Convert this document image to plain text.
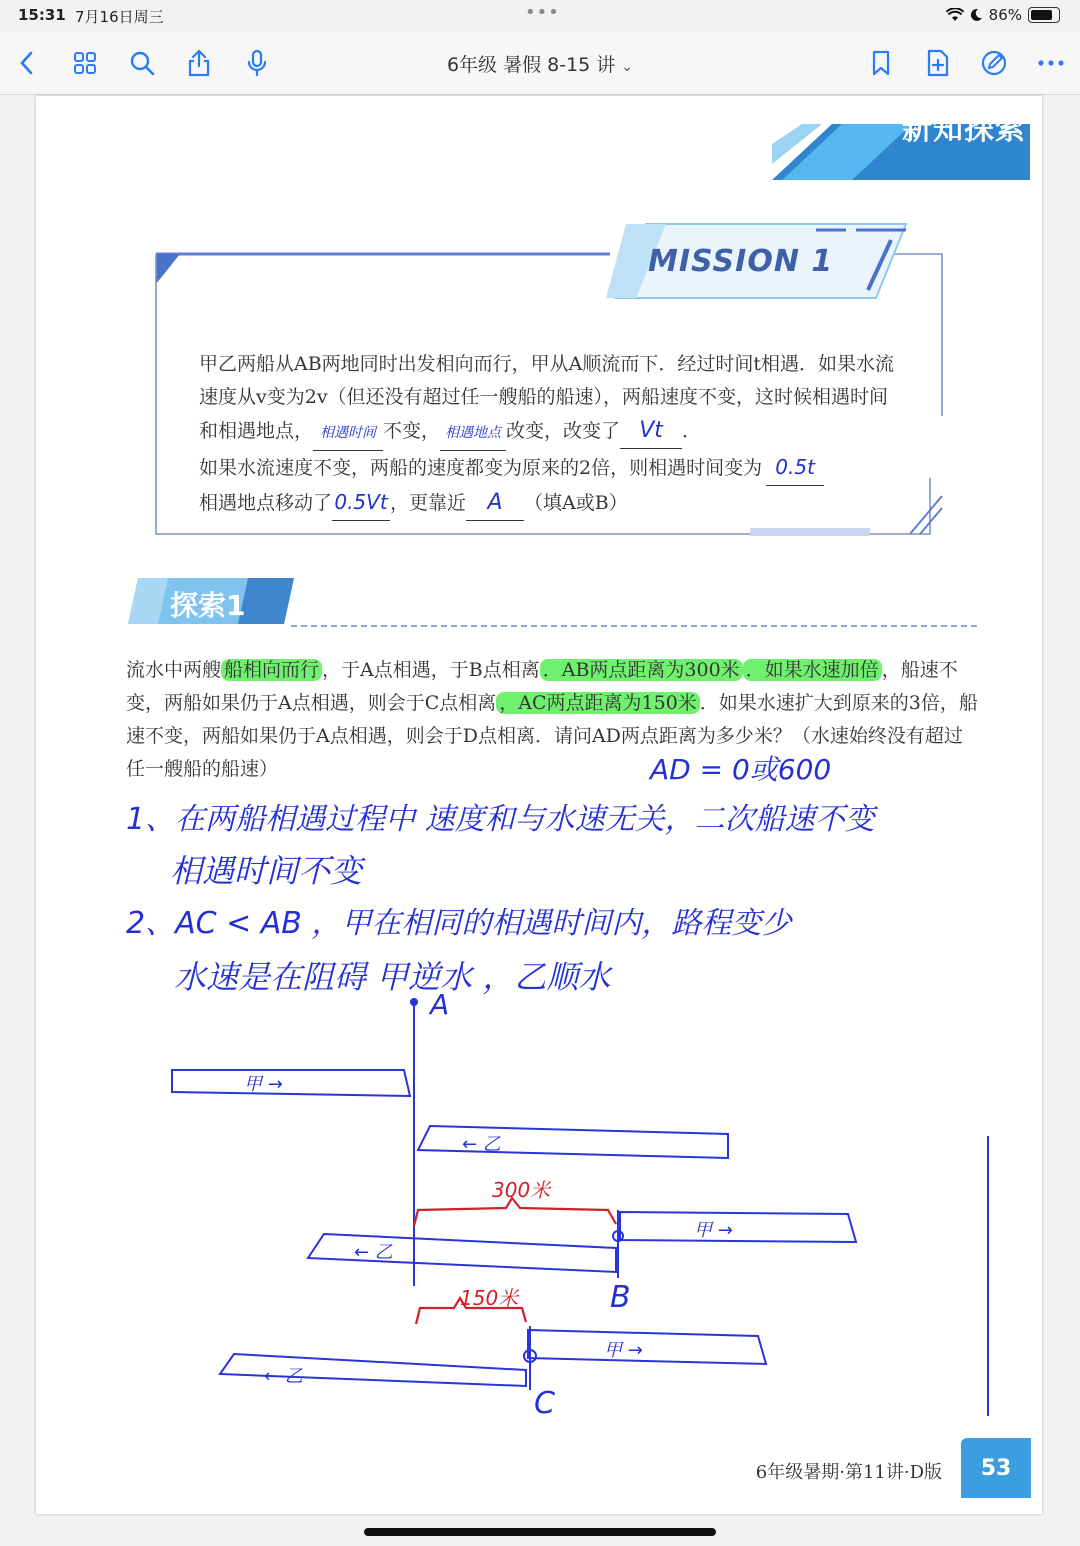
15:31 7月16日周三	•••	86%
6年级 暑假 8-15 讲 ⌄
新知探索
MISSION 1
甲乙两船从AB两地同时出发相向而行，甲从A顺流而下．经过时间t相遇．如果水流
速度从v变为2v（但还没有超过任一艘船的船速），两船速度不变，这时候相遇时间
和相遇地点， 相遇时间 不变， 相遇地点 改变，改变了 Vt ．
如果水流速度不变，两船的速度都变为原来的2倍，则相遇时间变为 0.5t
相遇地点移动了 0.5Vt ，更靠近 A （填A或B）
探索1
流水中两艘 船相向而行 ，于A点相遇，于B点相离 ．AB两点距离为300米 ．如果水速加倍 ，船速不
变，两船如果仍于A点相遇，则会于C点相离 ，AC两点距离为150米 ．如果水速扩大到原来的3倍，船
速不变，两船如果仍于A点相遇，则会于D点相离．请问AD两点距离为多少米？（水速始终没有超过
任一艘船的船速）	AD = 0或600
1、在两船相遇过程中 速度和与水速无关，二次船速不变
相遇时间不变
2、AC < AB ，甲在相同的相遇时间内，路程变少
水速是在阻碍 甲逆水 ，乙顺水
A
B
C
甲 →
← 乙
甲 →
← 乙
甲 →
← 乙
300米
150米
6年级暑期·第11讲·D版	53
